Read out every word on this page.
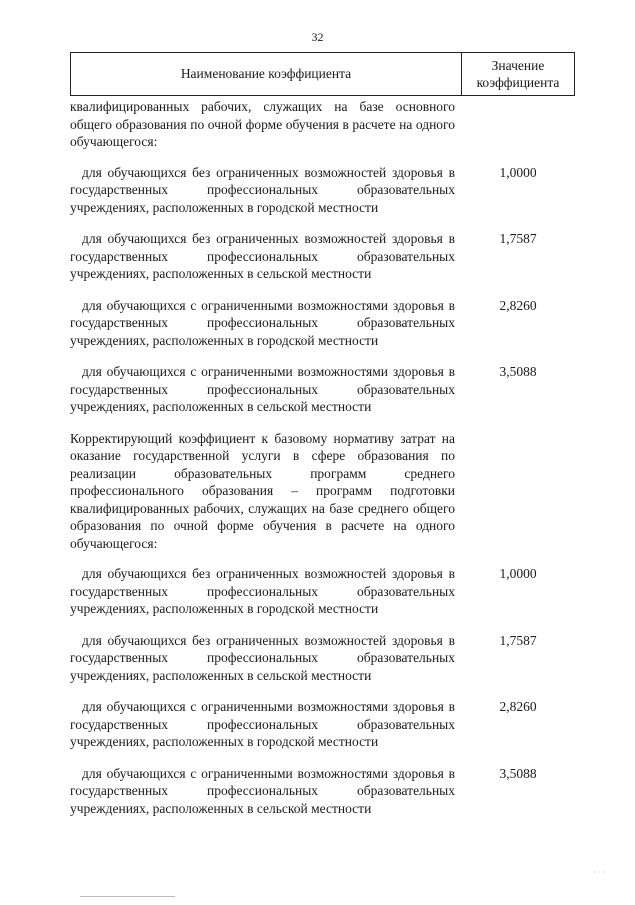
32
Наименование коэффициента
Значение
коэффициента
квалифицированных рабочих, служащих на базе основного общего образования по очной форме обучения в расчете на одного обучающегося:
для обучающихся без ограниченных возможностей здоровья в государственных профессиональных образовательных учреждениях, расположенных в городской местности
1,0000
для обучающихся без ограниченных возможностей здоровья в государственных профессиональных образовательных учреждениях, расположенных в сельской местности
1,7587
для обучающихся с ограниченными возможностями здоровья в государственных профессиональных образовательных учреждениях, расположенных в городской местности
2,8260
для обучающихся с ограниченными возможностями здоровья в государственных профессиональных образовательных учреждениях, расположенных в сельской местности
3,5088
Корректирующий коэффициент к базовому нормативу затрат на оказание государственной услуги в сфере образования по реализации образовательных программ среднего профессионального образования – программ подготовки квалифицированных рабочих, служащих на базе среднего общего образования по очной форме обучения в расчете на одного обучающегося:
для обучающихся без ограниченных возможностей здоровья в государственных профессиональных образовательных учреждениях, расположенных в городской местности
1,0000
для обучающихся без ограниченных возможностей здоровья в государственных профессиональных образовательных учреждениях, расположенных в сельской местности
1,7587
для обучающихся с ограниченными возможностями здоровья в государственных профессиональных образовательных учреждениях, расположенных в городской местности
2,8260
для обучающихся с ограниченными возможностями здоровья в государственных профессиональных образовательных учреждениях, расположенных в сельской местности
3,5088
· · ·
